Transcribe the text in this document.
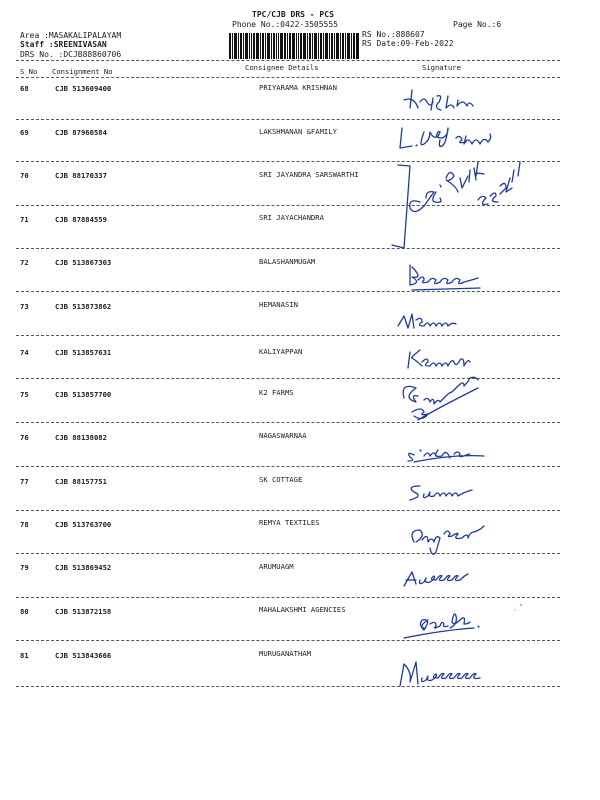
TPC/CJB DRS - PCS
Phone No.:0422-3505555	Page No.:6
Area :MASAKALIPALAYAM
Staff :SREENIVASAN
DRS No. :DCJB88860706
RS No.:888607
RS Date:09-Feb-2022
S No Consignment No	Consignee Details	Signature
68	CJB 513609400	PRIYARAMA KRISHNAN
69	CJB 87960584	LAKSHMANAN &FAMILY
70	CJB 88170337	SRI JAYANDRA SARSWARTHI
71	CJB 87884559	SRI JAYACHANDRA
72	CJB 513867303	BALASHANMUGAM
73	CJB 513873862	HEMANASIN
74	CJB 513857631	KALIYAPPAN
75	CJB 513857700	K2 FARMS
76	CJB 88138082	NAGASWARNAA
77	CJB 88157751	SK COTTAGE
78	CJB 513763700	REMYA TEXTILES
79	CJB 513869452	ARUMUAGM
80	CJB 513872158	MAHALAKSHMI AGENCIES
81	CJB 513843666	MURUGANATHAM
